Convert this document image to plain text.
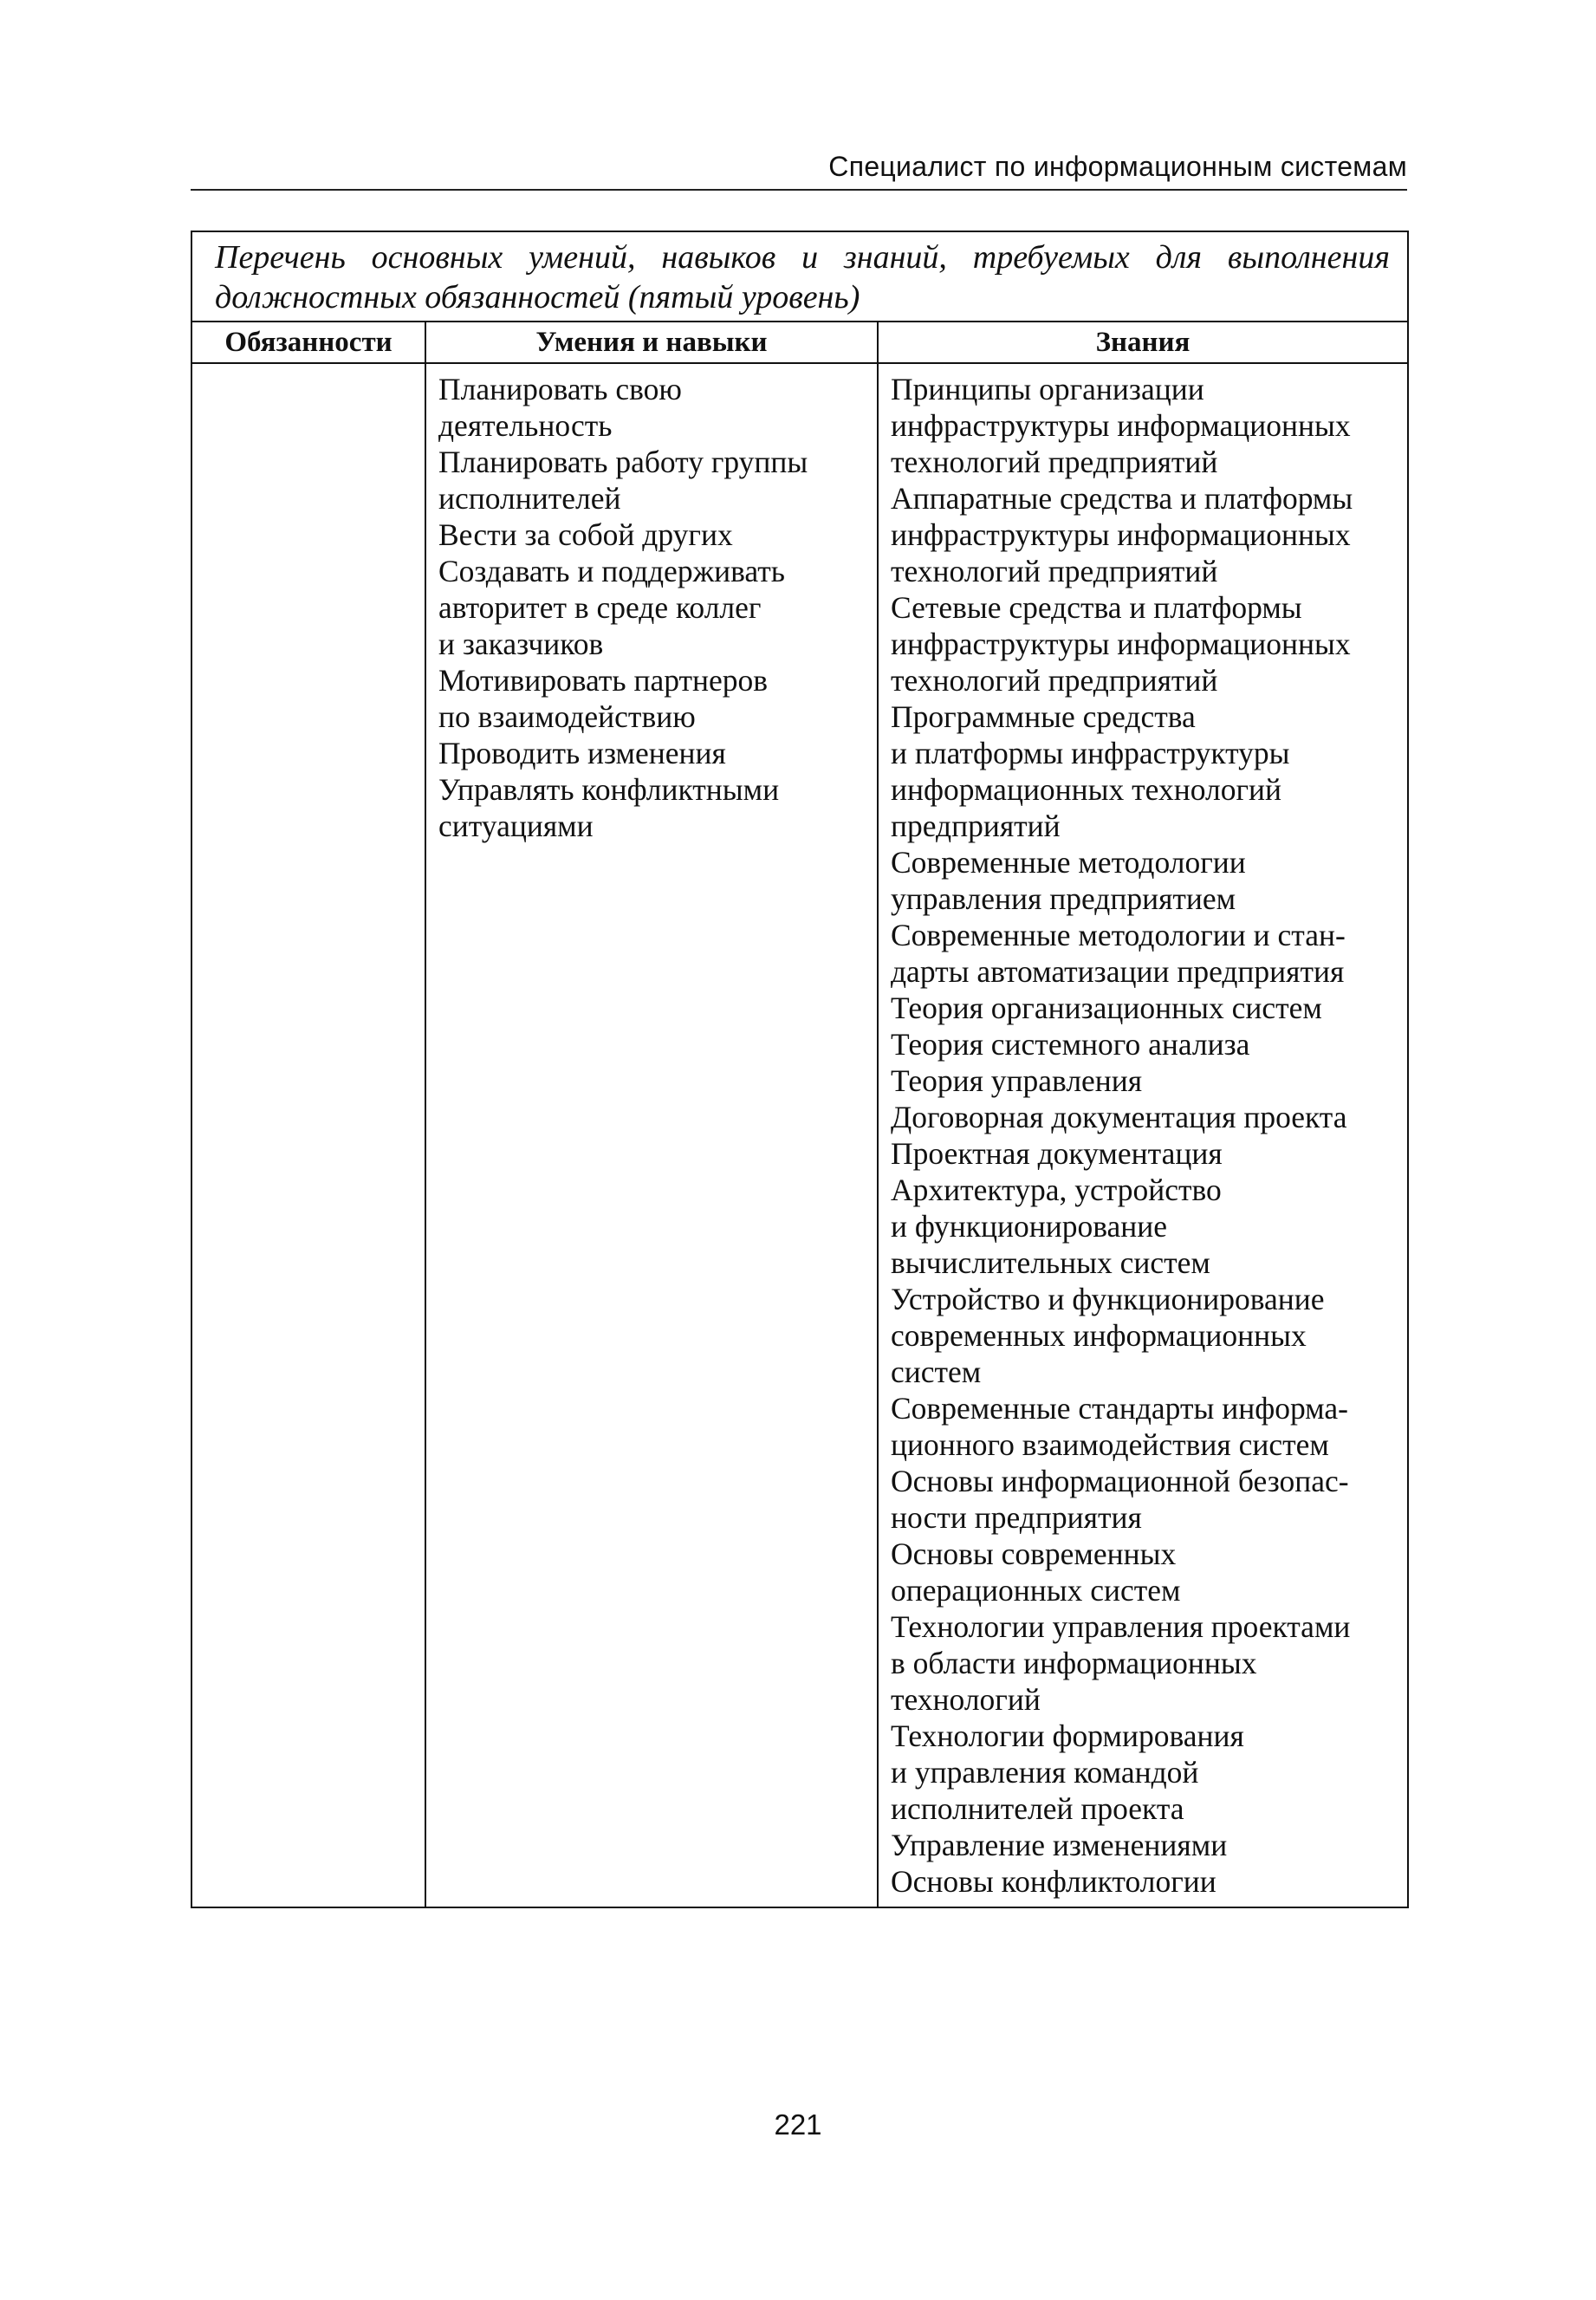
Специалист по информационным системам
Перечень основных умений, навыков и знаний, требуемых для выполнения должностных обязанностей (пятый уровень)
Обязанности	Умения и навыки	Знания
Планировать свою
деятельность
Планировать работу группы
исполнителей
Вести за собой других
Создавать и поддерживать
авторитет в среде коллег
и заказчиков
Мотивировать партнеров
по взаимодействию
Проводить изменения
Управлять конфликтными
ситуациями
Принципы организации
инфраструктуры информационных
технологий предприятий
Аппаратные средства и платформы
инфраструктуры информационных
технологий предприятий
Сетевые средства и платформы
инфраструктуры информационных
технологий предприятий
Программные средства
и платформы инфраструктуры
информационных технологий
предприятий
Современные методологии
управления предприятием
Современные методологии и стан-
дарты автоматизации предприятия
Теория организационных систем
Теория системного анализа
Теория управления
Договорная документация проекта
Проектная документация
Архитектура, устройство
и функционирование
вычислительных систем
Устройство и функционирование
современных информационных
систем
Современные стандарты информа-
ционного взаимодействия систем
Основы информационной безопас-
ности предприятия
Основы современных
операционных систем
Технологии управления проектами
в области информационных
технологий
Технологии формирования
и управления командой
исполнителей проекта
Управление изменениями
Основы конфликтологии
221
